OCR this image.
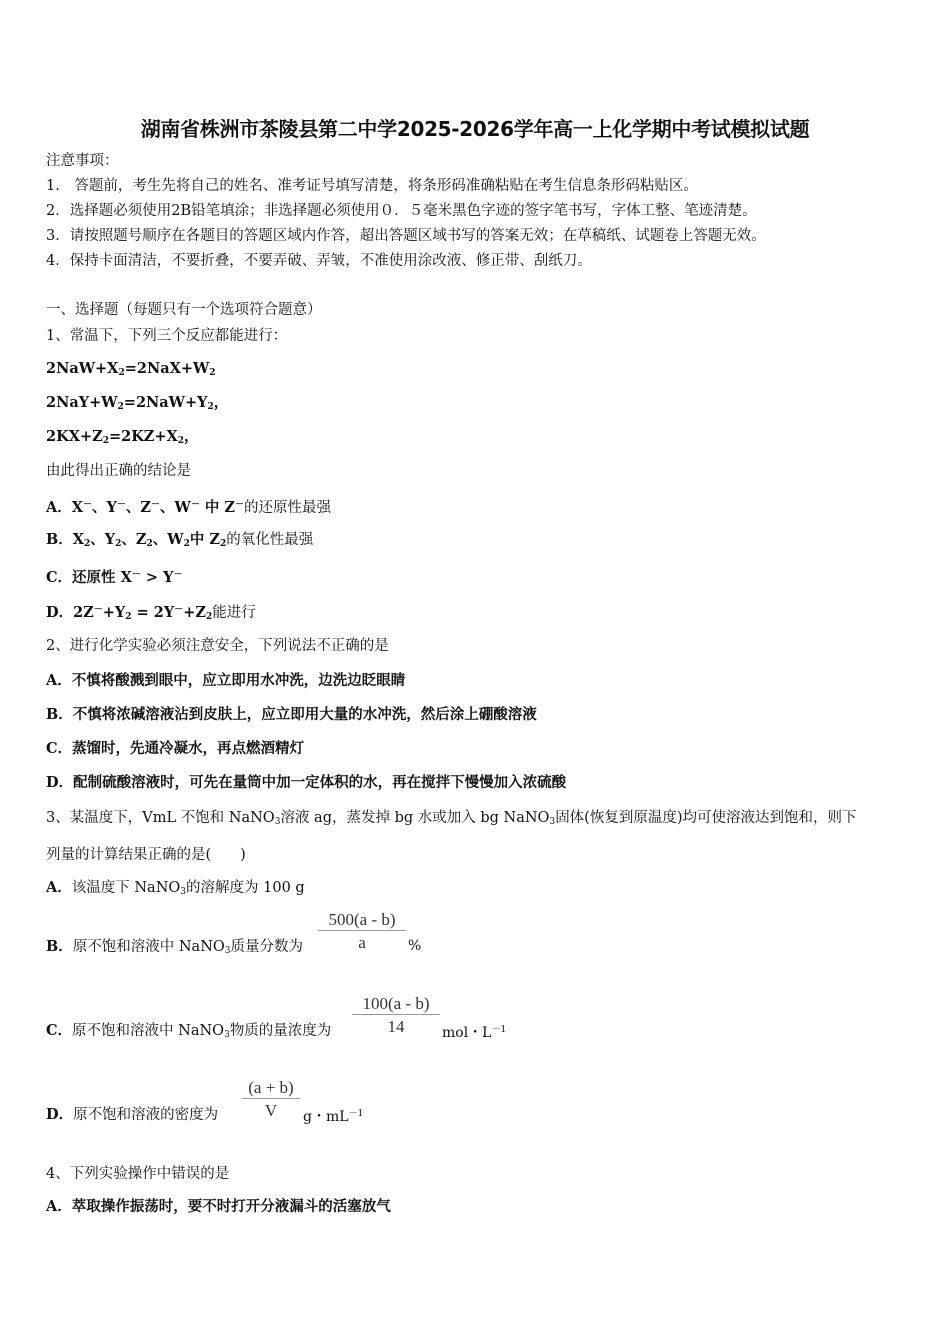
湖南省株洲市茶陵县第二中学2025-2026学年高一上化学期中考试模拟试题
注意事项：
1.　答题前，考生先将自己的姓名、准考证号填写清楚，将条形码准确粘贴在考生信息条形码粘贴区。
2．选择题必须使用2B铅笔填涂；非选择题必须使用０．５毫米黑色字迹的签字笔书写，字体工整、笔迹清楚。
3．请按照题号顺序在各题目的答题区域内作答，超出答题区域书写的答案无效；在草稿纸、试题卷上答题无效。
4．保持卡面清洁，不要折叠，不要弄破、弄皱，不准使用涂改液、修正带、刮纸刀。
一、选择题（每题只有一个选项符合题意）
1、常温下，下列三个反应都能进行：
$2NaW+X_2=2NaX+W_2$
$2NaY+W_2=2NaW+Y_2$，
$2KX+Z_2=2KZ+X_2$，
由此得出正确的结论是
A．X－、Y－、Z－、W－ 中 Z－的还原性最强
B．$X_2$、$Y_2$、$Z_2$、$W_2$中 $Z_2$的氧化性最强
C．还原性 X－ > Y－
D．$2Z^-+Y_2 = 2Y^-+Z_2$能进行
2、进行化学实验必须注意安全，下列说法不正确的是
A．不慎将酸溅到眼中，应立即用水冲洗，边洗边眨眼睛
B．不慎将浓碱溶液沾到皮肤上，应立即用大量的水冲洗，然后涂上硼酸溶液
C．蒸馏时，先通冷凝水，再点燃酒精灯
D．配制硫酸溶液时，可先在量筒中加一定体积的水，再在搅拌下慢慢加入浓硫酸
3、某温度下，VmL 不饱和 NaNO$_3$溶液 ag，蒸发掉 bg 水或加入 bg NaNO$_3$固体(恢复到原温度)均可使溶液达到饱和，则下
列量的计算结果正确的是(　　)
A．该温度下 NaNO$_3$的溶解度为 100 g
B．原不饱和溶液中 NaNO$_3$质量分数为
500(a - b)
a	%
C．原不饱和溶液中 NaNO$_3$物质的量浓度为
100(a - b)
14	mol・$L^{-1}$
D．原不饱和溶液的密度为
(a + b)
V	g・$mL^{-1}$
4、下列实验操作中错误的是
A．萃取操作振荡时，要不时打开分液漏斗的活塞放气
